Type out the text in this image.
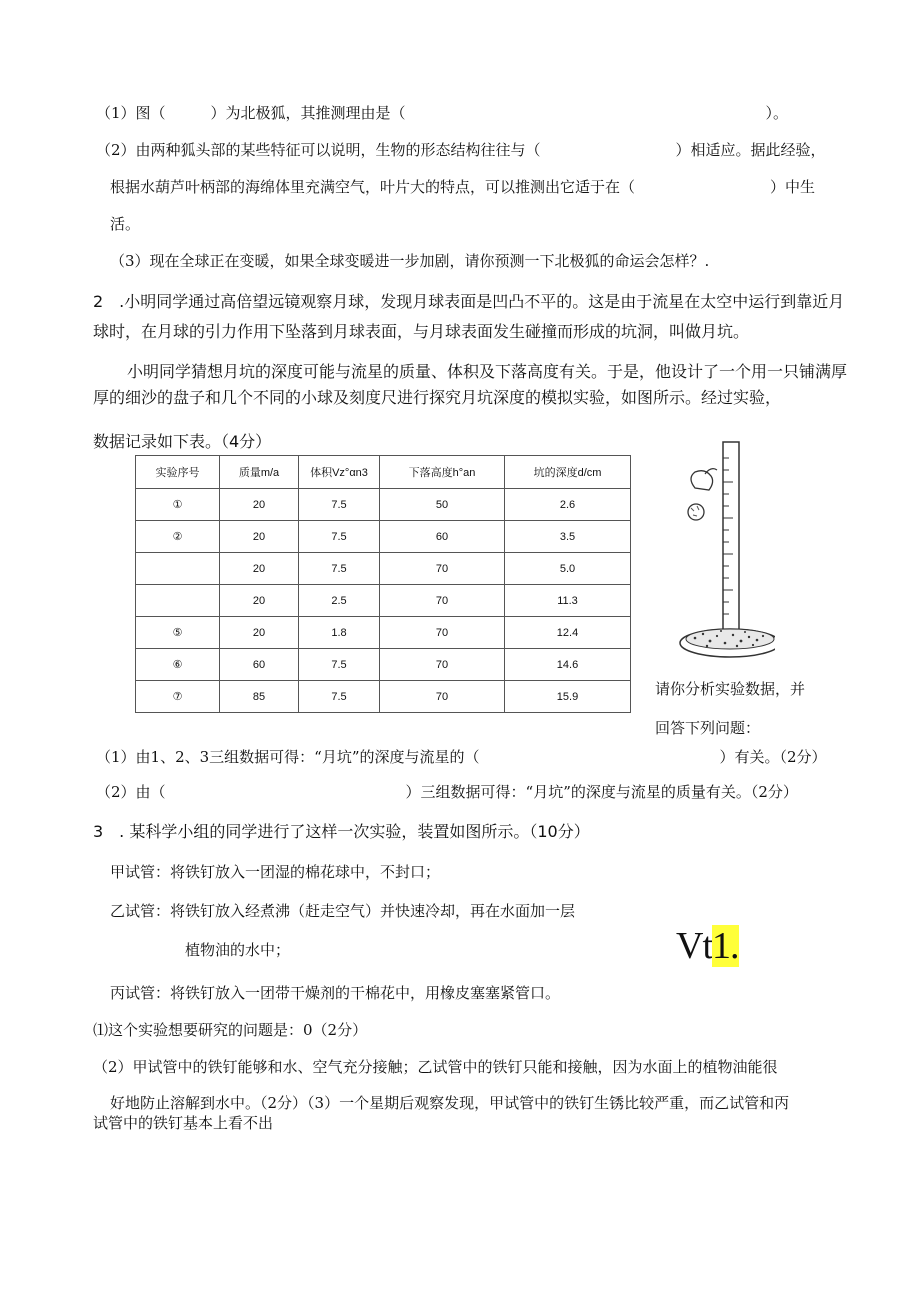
（1）图（　　　）为北极狐，其推测理由是（　　　　　　　　　　　　　　　　　　　　　　　　）。
（2）由两种狐头部的某些特征可以说明，生物的形态结构往往与（　　　　　　　　　）相适应。据此经验，
根据水葫芦叶柄部的海绵体里充满空气，叶片大的特点，可以推测出它适于在（　　　　　　　　　）中生
活。
（3）现在全球正在变暖，如果全球变暖进一步加剧，请你预测一下北极狐的命运会怎样？.
2　.小明同学通过高倍望远镜观察月球，发现月球表面是凹凸不平的。这是由于流星在太空中运行到靠近月
球时，在月球的引力作用下坠落到月球表面，与月球表面发生碰撞而形成的坑洞，叫做月坑。
小明同学猜想月坑的深度可能与流星的质量、体积及下落高度有关。于是，他设计了一个用一只铺满厚
厚的细沙的盘子和几个不同的小球及刻度尺进行探究月坑深度的模拟实验，如图所示。经过实验，
数据记录如下表。（4分）
实验序号	质量m/a	体积Vz°αn3	下落高度h°an	坑的深度d/cm
①	20	7.5	50	2.6
②	20	7.5	60	3.5
	20	7.5	70	5.0
	20	2.5	70	11.3
⑤	20	1.8	70	12.4
⑥	60	7.5	70	14.6
⑦	85	7.5	70	15.9	请你分析实验数据，并
回答下列问题：
（1）由1、2、3三组数据可得：“月坑”的深度与流星的（　　　　　　　　　　　　　　　　）有关。（2分）
（2）由（　　　　　　　　　　　　　　　　）三组数据可得：“月坑”的深度与流星的质量有关。（2分）
3　. 某科学小组的同学进行了这样一次实验，装置如图所示。（10分）
甲试管：将铁钉放入一团湿的棉花球中，不封口；
乙试管：将铁钉放入经煮沸（赶走空气）并快速冷却，再在水面加一层
植物油的水中；	Vt1.
丙试管：将铁钉放入一团带干燥剂的干棉花中，用橡皮塞塞紧管口。
⑴这个实验想要研究的问题是：0（2分）
（2）甲试管中的铁钉能够和水、空气充分接触；乙试管中的铁钉只能和接触，因为水面上的植物油能很
好地防止溶解到水中。（2分）（3）一个星期后观察发现，甲试管中的铁钉生锈比较严重，而乙试管和丙
试管中的铁钉基本上看不出
